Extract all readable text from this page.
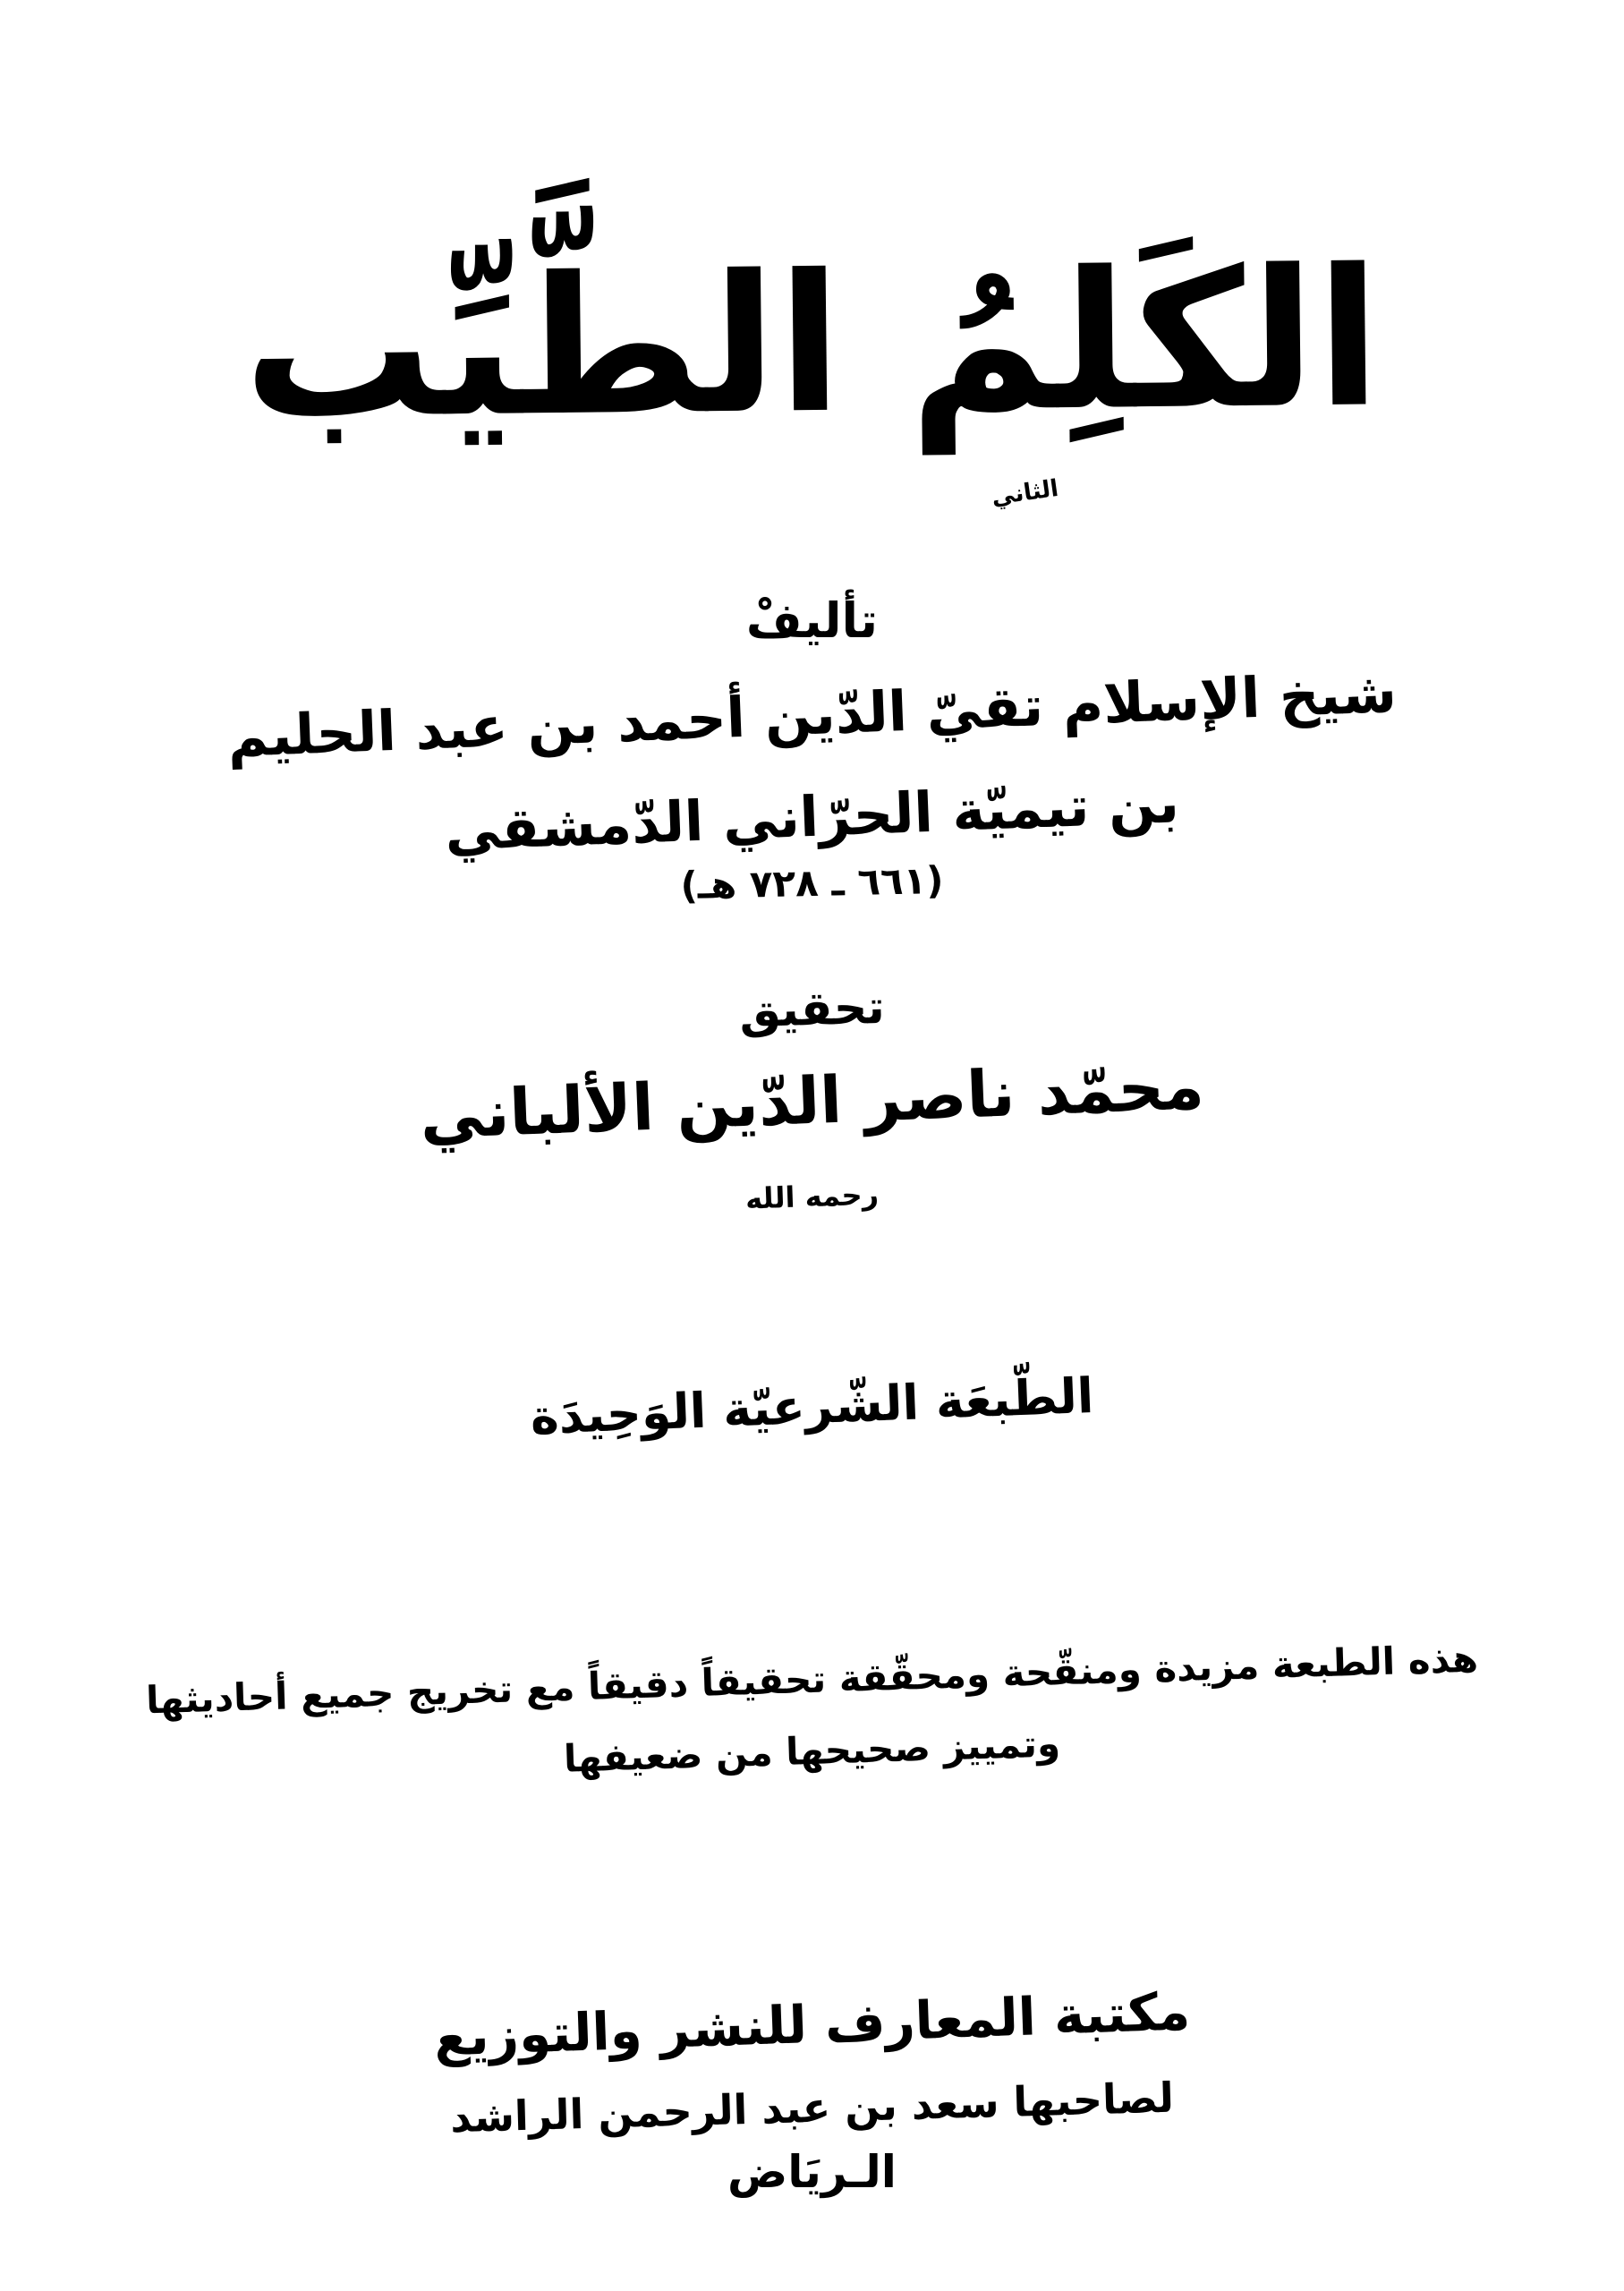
الكَلِمُ الطَّيِّب
الثاني
تأليفْ
شيخ الإسلام تقيّ الدّين أحمد بن عبد الحليم
بن تيميّة الحرّاني الدّمشقي
(٦٦١ ـ ٧٢٨ هـ)
تحقيق
محمّد ناصر الدّين الألباني
رحمه الله
الطّبعَة الشّرعيّة الوَحِيدَة
هذه الطبعة مزيدة ومنقّحة ومحقّقة تحقيقاً دقيقاً مع تخريج جميع أحاديثها
وتمييز صحيحها من ضعيفها
مكتبة المعارف للنشر والتوزيع
لصاحبها سعد بن عبد الرحمن الراشد
الـريَاض
